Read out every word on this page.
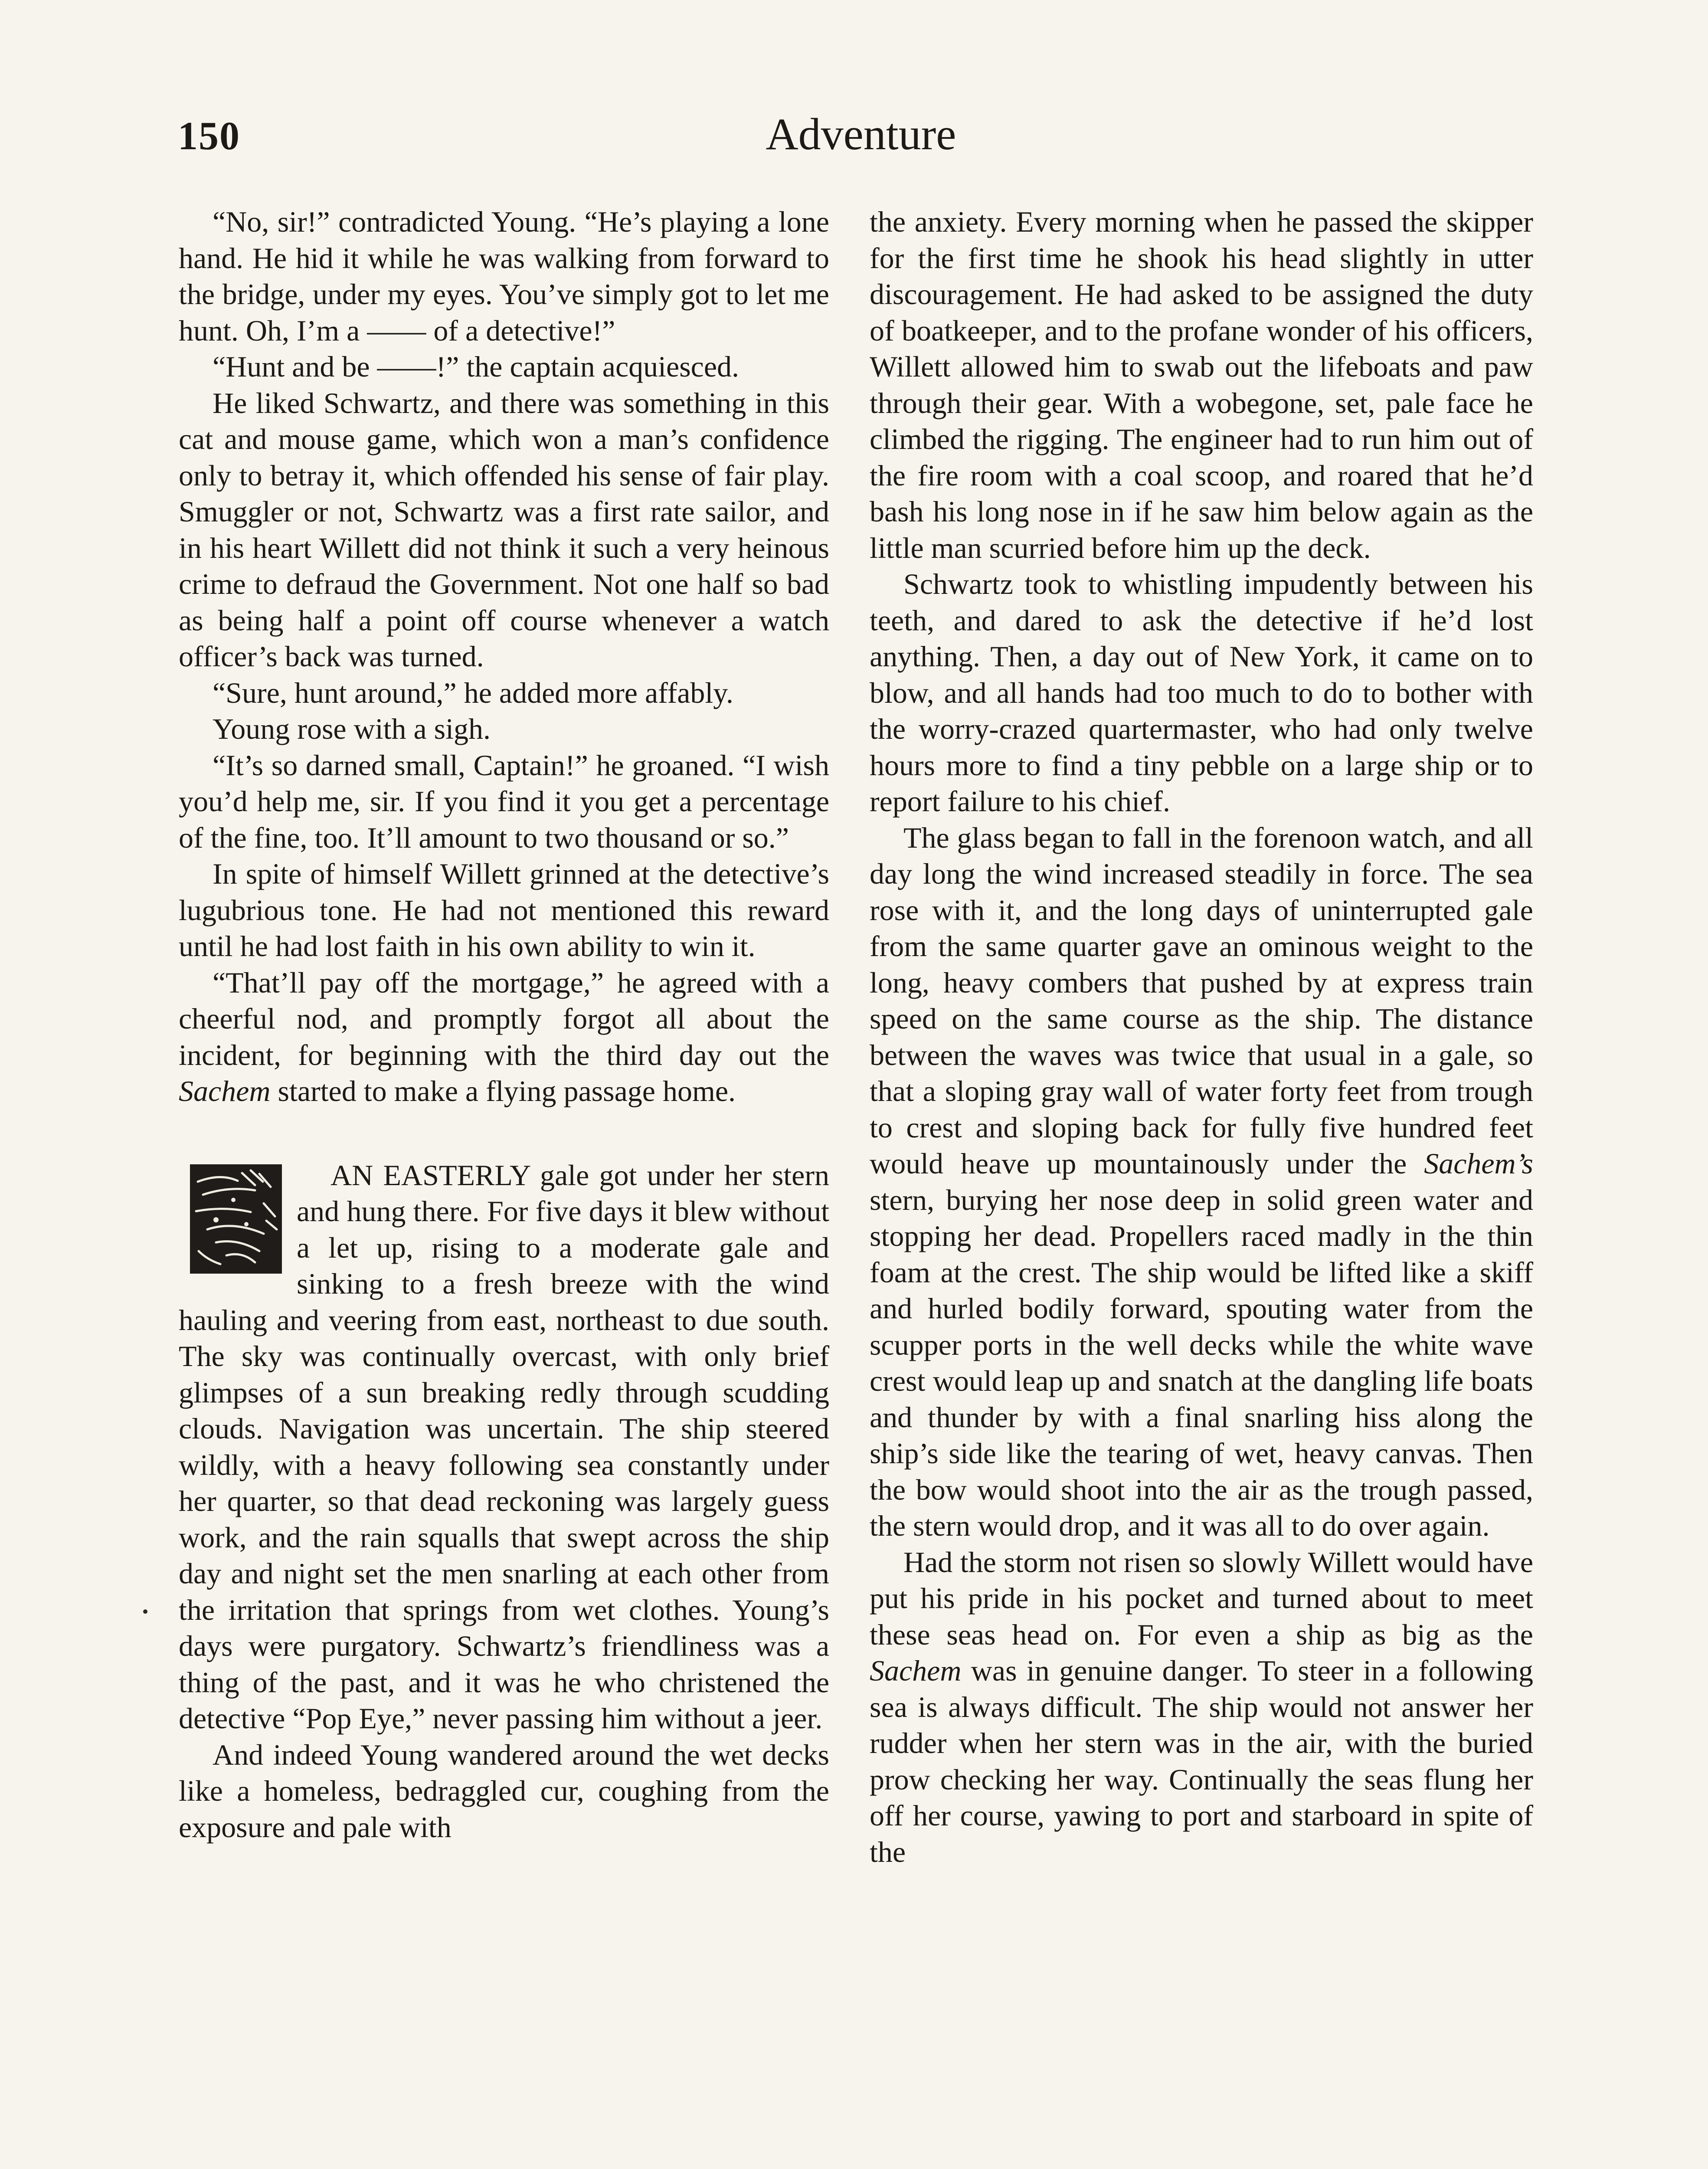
150	Adventure

“No, sir!” contradicted Young. “He’s playing a lone hand. He hid it while he was walking from forward to the bridge, under my eyes. You’ve simply got to let me hunt. Oh, I’m a —— of a detective!”

“Hunt and be ——!” the captain acquiesced.

He liked Schwartz, and there was something in this cat and mouse game, which won a man’s confidence only to betray it, which offended his sense of fair play. Smuggler or not, Schwartz was a first rate sailor, and in his heart Willett did not think it such a very heinous crime to defraud the Government. Not one half so bad as being half a point off course whenever a watch officer’s back was turned.

“Sure, hunt around,” he added more affably.

Young rose with a sigh.

“It’s so darned small, Captain!” he groaned. “I wish you’d help me, sir. If you find it you get a percentage of the fine, too. It’ll amount to two thousand or so.”

In spite of himself Willett grinned at the detective’s lugubrious tone. He had not mentioned this reward until he had lost faith in his own ability to win it.

“That’ll pay off the mortgage,” he agreed with a cheerful nod, and promptly forgot all about the incident, for beginning with the third day out the Sachem started to make a flying passage home.

AN EASTERLY gale got under her stern and hung there. For five days it blew without a let up, rising to a moderate gale and sinking to a fresh breeze with the wind hauling and veering from east, northeast to due south. The sky was continually overcast, with only brief glimpses of a sun breaking redly through scudding clouds. Navigation was uncertain. The ship steered wildly, with a heavy following sea constantly under her quarter, so that dead reckoning was largely guess work, and the rain squalls that swept across the ship day and night set the men snarling at each other from the irritation that springs from wet clothes. Young’s days were purgatory. Schwartz’s friendliness was a thing of the past, and it was he who christened the detective “Pop Eye,” never passing him without a jeer.

And indeed Young wandered around the wet decks like a homeless, bedraggled cur, coughing from the exposure and pale with

the anxiety. Every morning when he passed the skipper for the first time he shook his head slightly in utter discouragement. He had asked to be assigned the duty of boatkeeper, and to the profane wonder of his officers, Willett allowed him to swab out the lifeboats and paw through their gear. With a wobegone, set, pale face he climbed the rigging. The engineer had to run him out of the fire room with a coal scoop, and roared that he’d bash his long nose in if he saw him below again as the little man scurried before him up the deck.

Schwartz took to whistling impudently between his teeth, and dared to ask the detective if he’d lost anything. Then, a day out of New York, it came on to blow, and all hands had too much to do to bother with the worry-crazed quartermaster, who had only twelve hours more to find a tiny pebble on a large ship or to report failure to his chief.

The glass began to fall in the forenoon watch, and all day long the wind increased steadily in force. The sea rose with it, and the long days of uninterrupted gale from the same quarter gave an ominous weight to the long, heavy combers that pushed by at express train speed on the same course as the ship. The distance between the waves was twice that usual in a gale, so that a sloping gray wall of water forty feet from trough to crest and sloping back for fully five hundred feet would heave up mountainously under the Sachem’s stern, burying her nose deep in solid green water and stopping her dead. Propellers raced madly in the thin foam at the crest. The ship would be lifted like a skiff and hurled bodily forward, spouting water from the scupper ports in the well decks while the white wave crest would leap up and snatch at the dangling life boats and thunder by with a final snarling hiss along the ship’s side like the tearing of wet, heavy canvas. Then the bow would shoot into the air as the trough passed, the stern would drop, and it was all to do over again.

Had the storm not risen so slowly Willett would have put his pride in his pocket and turned about to meet these seas head on. For even a ship as big as the Sachem was in genuine danger. To steer in a following sea is always difficult. The ship would not answer her rudder when her stern was in the air, with the buried prow checking her way. Continually the seas flung her off her course, yawing to port and starboard in spite of the
